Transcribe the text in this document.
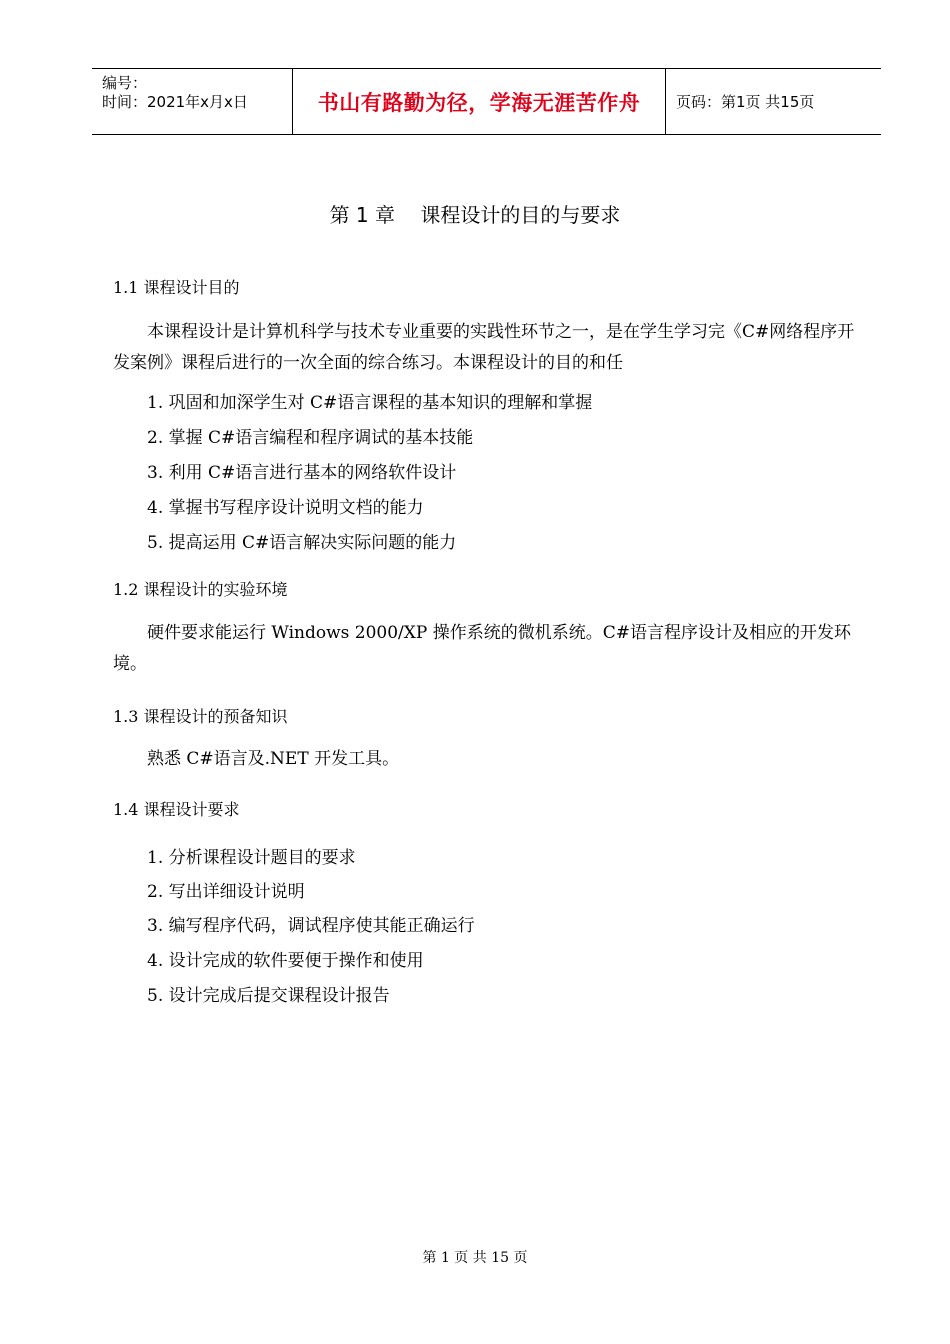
编号：
时间：2021年x月x日	书山有路勤为径，学海无涯苦作舟 页码：第1页 共15页
第 1 章    课程设计的目的与要求
1.1 课程设计目的
本课程设计是计算机科学与技术专业重要的实践性环节之一，是在学生学习完《C#网络程序开发案例》课程后进行的一次全面的综合练习。本课程设计的目的和任
1. 巩固和加深学生对 C#语言课程的基本知识的理解和掌握
2. 掌握 C#语言编程和程序调试的基本技能
3. 利用 C#语言进行基本的网络软件设计
4. 掌握书写程序设计说明文档的能力
5. 提高运用 C#语言解决实际问题的能力
1.2 课程设计的实验环境
硬件要求能运行 Windows 2000/XP 操作系统的微机系统。C#语言程序设计及相应的开发环境。
1.3 课程设计的预备知识
熟悉 C#语言及.NET 开发工具。
1.4 课程设计要求
1. 分析课程设计题目的要求
2. 写出详细设计说明
3. 编写程序代码，调试程序使其能正确运行
4. 设计完成的软件要便于操作和使用
5. 设计完成后提交课程设计报告
第 1 页 共 15 页
